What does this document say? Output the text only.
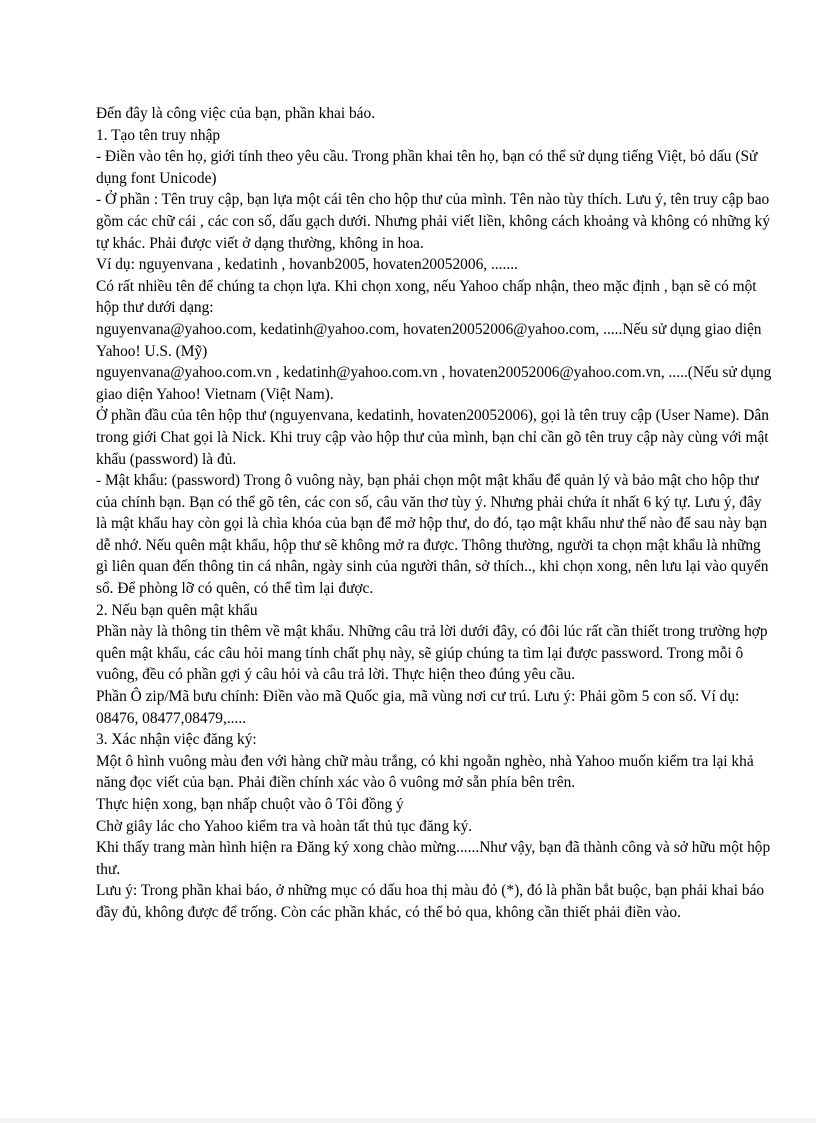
Đến đây là công việc của bạn, phần khai báo.

1. Tạo tên truy nhập

- Điền vào tên họ, giới tính theo yêu cầu. Trong phần khai tên họ, bạn có thể sử dụng tiếng Việt, bỏ dấu (Sử dụng font Unicode)

- Ở phần : Tên truy cập, bạn lựa một cái tên cho hộp thư của mình. Tên nào tùy thích. Lưu ý, tên truy cập bao gồm các chữ cái , các con số, dấu gạch dưới. Nhưng phải viết liền, không cách khoảng và không có những ký tự khác. Phải được viết ở dạng thường, không in hoa.

Ví dụ: nguyenvana , kedatinh , hovanb2005, hovaten20052006, .......

Có rất nhiều tên để chúng ta chọn lựa. Khi chọn xong, nếu Yahoo chấp nhận, theo mặc định , bạn sẽ có một hộp thư dưới dạng:

nguyenvana@yahoo.com, kedatinh@yahoo.com, hovaten20052006@yahoo.com, .....Nếu sử dụng giao diện Yahoo! U.S. (Mỹ)

nguyenvana@yahoo.com.vn , kedatinh@yahoo.com.vn , hovaten20052006@yahoo.com.vn, .....(Nếu sử dụng giao diện Yahoo! Vietnam (Việt Nam).

Ở phần đầu của tên hộp thư (nguyenvana, kedatinh, hovaten20052006), gọi là tên truy cập (User Name). Dân trong giới Chat gọi là Nick. Khi truy cập vào hộp thư của mình, bạn chỉ cần gõ tên truy cập này cùng với mật khẩu (password) là đủ.

- Mật khẩu: (password) Trong ô vuông này, bạn phải chọn một mật khẩu để quản lý và bảo mật cho hộp thư của chính bạn. Bạn có thể gõ tên, các con số, câu văn thơ tùy ý. Nhưng phải chứa ít nhất 6 ký tự. Lưu ý, đây là mật khẩu hay còn gọi là chìa khóa của bạn để mở hộp thư, do đó, tạo mật khẩu như thế nào để sau này bạn dễ nhớ. Nếu quên mật khẩu, hộp thư sẽ không mở ra được. Thông thường, người ta chọn mật khẩu là những gì liên quan đến thông tin cá nhân, ngày sinh của người thân, sở thích.., khi chọn xong, nên lưu lại vào quyển sổ. Để phòng lỡ có quên, có thể tìm lại được.

2. Nếu bạn quên mật khẩu

Phần này là thông tin thêm về mật khẩu. Những câu trả lời dưới đây, có đôi lúc rất cần thiết trong trường hợp quên mật khẩu, các câu hỏi mang tính chất phụ này, sẽ giúp chúng ta tìm lại được password. Trong mỗi ô vuông, đều có phần gợi ý câu hỏi và câu trả lời. Thực hiện theo đúng yêu cầu.

Phần Ô zip/Mã bưu chính: Điền vào mã Quốc gia, mã vùng nơi cư trú. Lưu ý: Phải gồm 5 con số. Ví dụ: 08476, 08477,08479,.....

3. Xác nhận việc đăng ký:

Một ô hình vuông màu đen với hàng chữ màu trắng, có khi ngoằn nghèo, nhà Yahoo muốn kiểm tra lại khả năng đọc viết của bạn. Phải điền chính xác vào ô vuông mở sẵn phía bên trên.

Thực hiện xong, bạn nhấp chuột vào ô Tôi đồng ý

Chờ giây lác cho Yahoo kiểm tra và hoàn tất thủ tục đăng ký.

Khi thấy trang màn hình hiện ra Đăng ký xong chào mừng......Như vậy, bạn đã thành công và sở hữu một hộp thư.

Lưu ý: Trong phần khai báo, ở những mục có dấu hoa thị màu đỏ (*), đó là phần bắt buộc, bạn phải khai báo đầy đủ, không được để trống. Còn các phần khác, có thể bỏ qua, không cần thiết phải điền vào.
